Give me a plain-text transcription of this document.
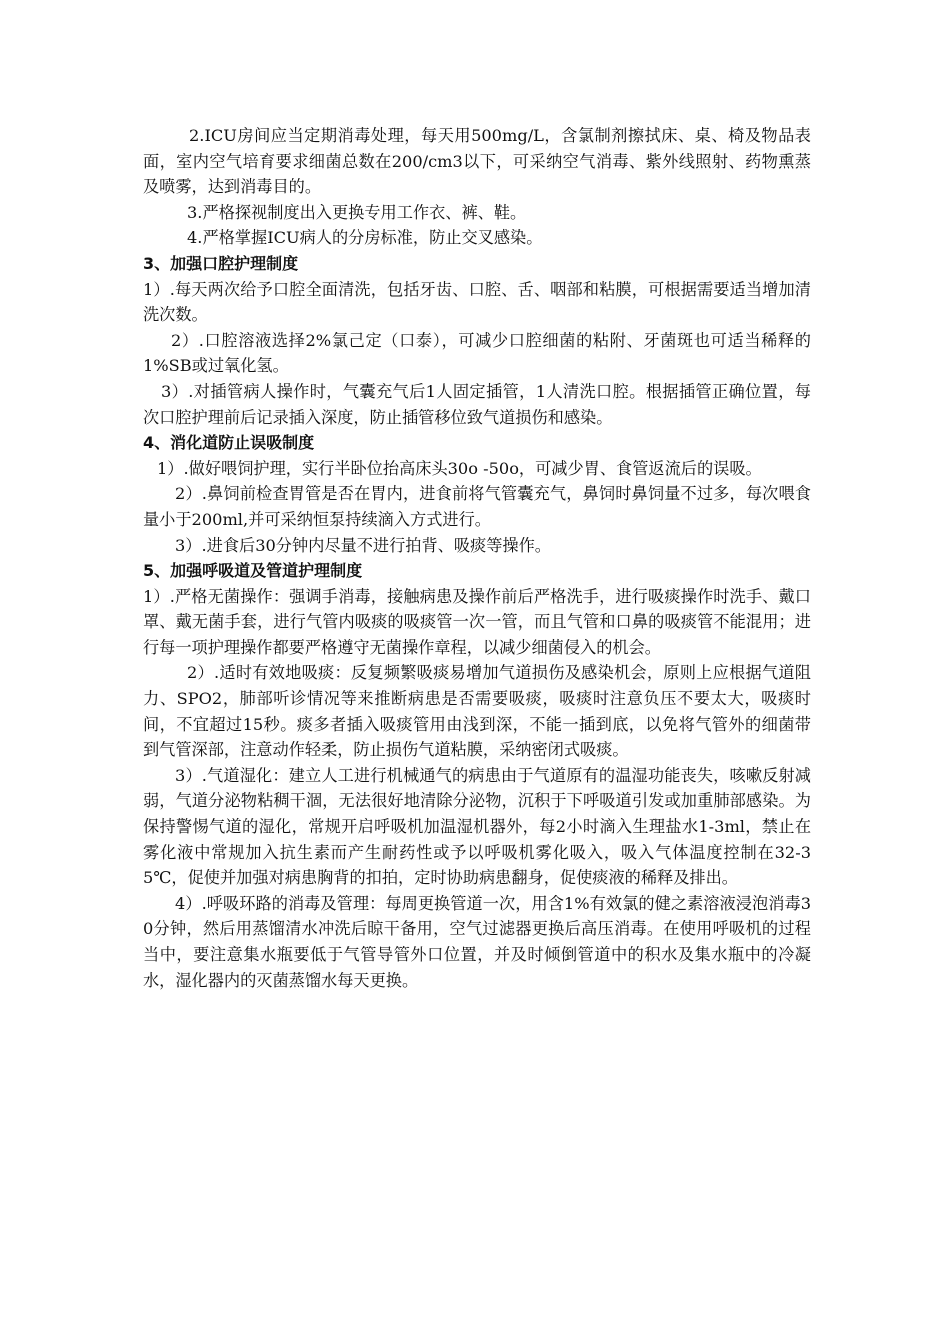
2.ICU房间应当定期消毒处理，每天用500mg/L，含氯制剂擦拭床、桌、椅及物品表面，室内空气培育要求细菌总数在200/cm3以下，可采纳空气消毒、紫外线照射、药物熏蒸及喷雾，达到消毒目的。

3.严格探视制度出入更换专用工作衣、裤、鞋。

4.严格掌握ICU病人的分房标准，防止交叉感染。

3、加强口腔护理制度

1）.每天两次给予口腔全面清洗，包括牙齿、口腔、舌、咽部和粘膜，可根据需要适当增加清洗次数。

2）.口腔溶液选择2%氯己定（口泰），可减少口腔细菌的粘附、牙菌斑也可适当稀释的1%SB或过氧化氢。

3）.对插管病人操作时，气囊充气后1人固定插管，1人清洗口腔。根据插管正确位置，每次口腔护理前后记录插入深度，防止插管移位致气道损伤和感染。

4、消化道防止误吸制度

1）.做好喂饲护理，实行半卧位抬高床头30o -50o，可减少胃、食管返流后的误吸。

2）.鼻饲前检查胃管是否在胃内，进食前将气管囊充气，鼻饲时鼻饲量不过多，每次喂食量小于200ml,并可采纳恒泵持续滴入方式进行。

3）.进食后30分钟内尽量不进行拍背、吸痰等操作。

5、加强呼吸道及管道护理制度

1）.严格无菌操作：强调手消毒，接触病患及操作前后严格洗手，进行吸痰操作时洗手、戴口罩、戴无菌手套，进行气管内吸痰的吸痰管一次一管，而且气管和口鼻的吸痰管不能混用；进行每一项护理操作都要严格遵守无菌操作章程，以减少细菌侵入的机会。

2）.适时有效地吸痰：反复频繁吸痰易增加气道损伤及感染机会，原则上应根据气道阻力、SPO2，肺部听诊情况等来推断病患是否需要吸痰，吸痰时注意负压不要太大，吸痰时间，不宜超过15秒。痰多者插入吸痰管用由浅到深，不能一插到底，以免将气管外的细菌带到气管深部，注意动作轻柔，防止损伤气道粘膜，采纳密闭式吸痰。

3）.气道湿化：建立人工进行机械通气的病患由于气道原有的温湿功能丧失，咳嗽反射减弱，气道分泌物粘稠干涸，无法很好地清除分泌物，沉积于下呼吸道引发或加重肺部感染。为保持警惕气道的湿化，常规开启呼吸机加温湿机器外，每2小时滴入生理盐水1-3ml，禁止在雾化液中常规加入抗生素而产生耐药性或予以呼吸机雾化吸入，吸入气体温度控制在32-35℃，促使并加强对病患胸背的扣拍，定时协助病患翻身，促使痰液的稀释及排出。

4）.呼吸环路的消毒及管理：每周更换管道一次，用含1%有效氯的健之素溶液浸泡消毒30分钟，然后用蒸馏清水冲洗后晾干备用，空气过滤器更换后高压消毒。在使用呼吸机的过程当中，要注意集水瓶要低于气管导管外口位置，并及时倾倒管道中的积水及集水瓶中的冷凝水，湿化器内的灭菌蒸馏水每天更换。
